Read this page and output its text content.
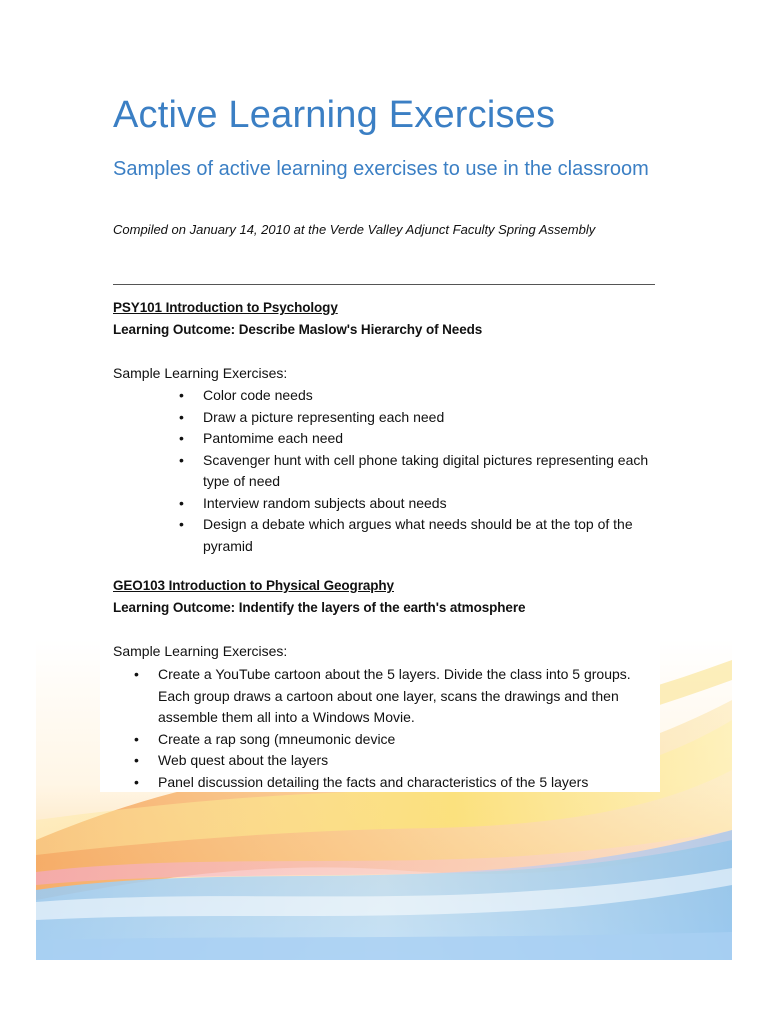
Active Learning Exercises
Samples of active learning exercises to use in the classroom
Compiled on January 14, 2010 at the Verde Valley Adjunct Faculty Spring Assembly
PSY101 Introduction to Psychology
Learning Outcome: Describe Maslow's Hierarchy of Needs
Sample Learning Exercises:
• Color code needs
• Draw a picture representing each need
• Pantomime each need
• Scavenger hunt with cell phone taking digital pictures representing each type of need
• Interview random subjects about needs
• Design a debate which argues what needs should be at the top of the pyramid
GEO103 Introduction to Physical Geography
Learning Outcome: Indentify the layers of the earth's atmosphere
Sample Learning Exercises:
• Create a YouTube cartoon about the 5 layers. Divide the class into 5 groups. Each group draws a cartoon about one layer, scans the drawings and then assemble them all into a Windows Movie.
• Create a rap song (mneumonic device
• Web quest about the layers
• Panel discussion detailing the facts and characteristics of the 5 layers
